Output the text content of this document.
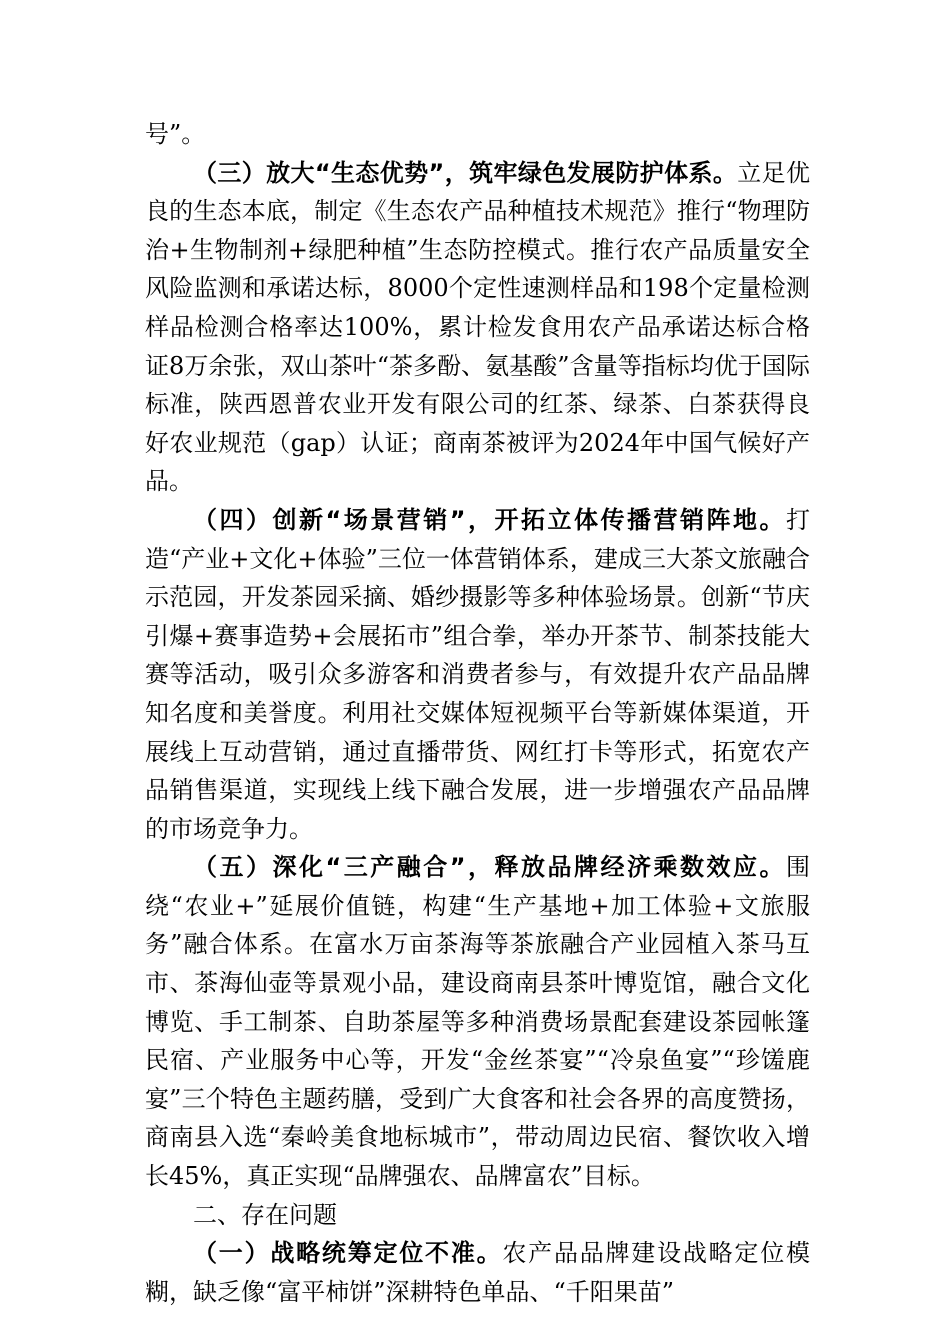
号”。

（三）放大“生态优势”，筑牢绿色发展防护体系。立足优良的生态本底，制定《生态农产品种植技术规范》推行“物理防治+生物制剂+绿肥种植”生态防控模式。推行农产品质量安全风险监测和承诺达标，8000个定性速测样品和198个定量检测样品检测合格率达100%，累计检发食用农产品承诺达标合格证8万余张，双山茶叶“茶多酚、氨基酸”含量等指标均优于国际标准，陕西恩普农业开发有限公司的红茶、绿茶、白茶获得良好农业规范（gap）认证；商南茶被评为2024年中国气候好产品。

（四）创新“场景营销”，开拓立体传播营销阵地。打造“产业+文化+体验”三位一体营销体系，建成三大茶文旅融合示范园，开发茶园采摘、婚纱摄影等多种体验场景。创新“节庆引爆+赛事造势+会展拓市”组合拳，举办开茶节、制茶技能大赛等活动，吸引众多游客和消费者参与，有效提升农产品品牌知名度和美誉度。利用社交媒体短视频平台等新媒体渠道，开展线上互动营销，通过直播带货、网红打卡等形式，拓宽农产品销售渠道，实现线上线下融合发展，进一步增强农产品品牌的市场竞争力。

（五）深化“三产融合”，释放品牌经济乘数效应。围绕“农业+”延展价值链，构建“生产基地+加工体验+文旅服务”融合体系。在富水万亩茶海等茶旅融合产业园植入茶马互市、茶海仙壶等景观小品，建设商南县茶叶博览馆，融合文化博览、手工制茶、自助茶屋等多种消费场景配套建设茶园帐篷民宿、产业服务中心等，开发“金丝茶宴”“冷泉鱼宴”“珍馐鹿宴”三个特色主题药膳，受到广大食客和社会各界的高度赞扬，商南县入选“秦岭美食地标城市”，带动周边民宿、餐饮收入增长45%，真正实现“品牌强农、品牌富农”目标。

二、存在问题

（一）战略统筹定位不准。农产品品牌建设战略定位模糊，缺乏像“富平柿饼”深耕特色单品、“千阳果苗”
